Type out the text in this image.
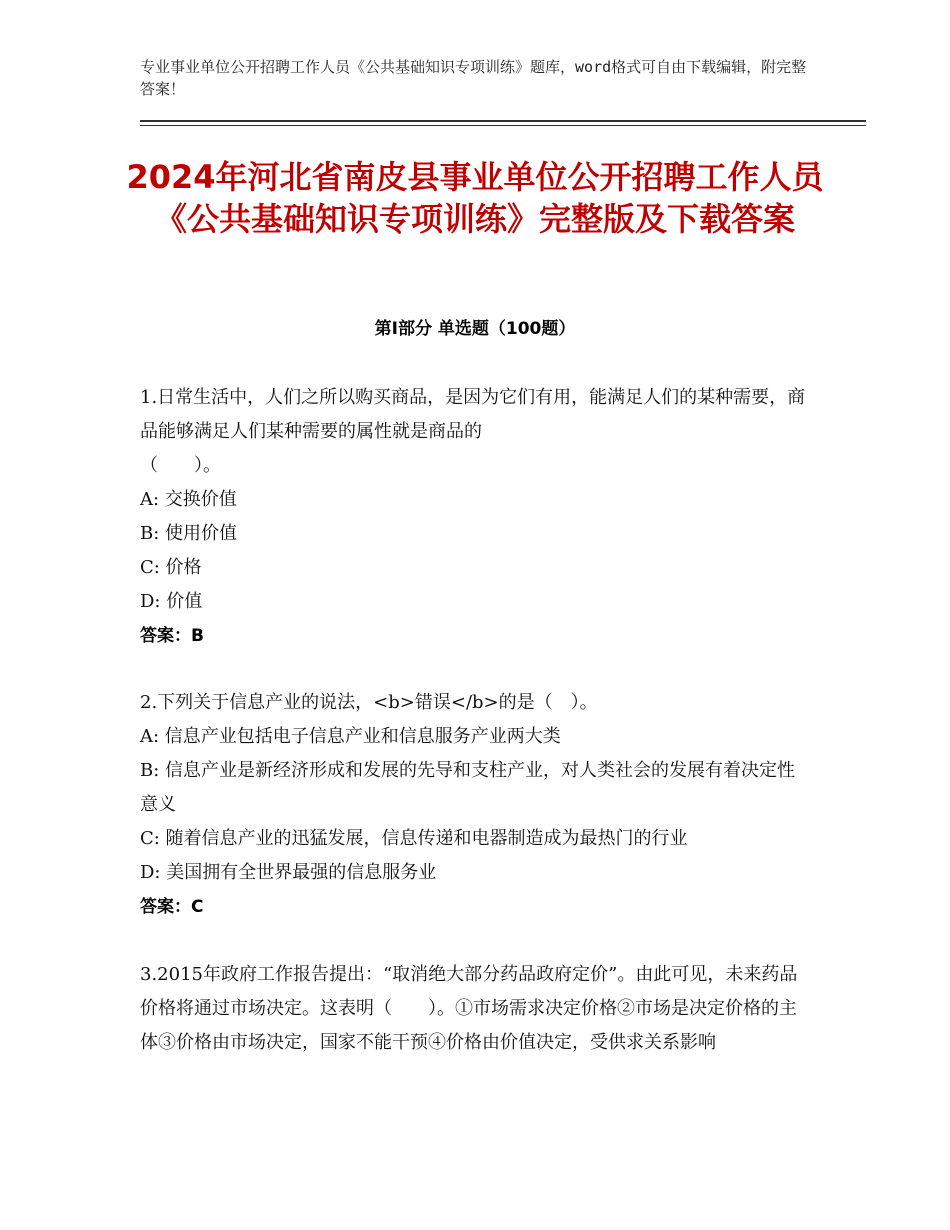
专业事业单位公开招聘工作人员《公共基础知识专项训练》题库，word格式可自由下载编辑，附完整答案！
2024年河北省南皮县事业单位公开招聘工作人员《公共基础知识专项训练》完整版及下载答案
第Ⅰ部分 单选题（100题）

1.日常生活中，人们之所以购买商品，是因为它们有用，能满足人们的某种需要，商品能够满足人们某种需要的属性就是商品的

（　　）。

A: 交换价值

B: 使用价值

C: 价格

D: 价值

答案：B

2.下列关于信息产业的说法，<b>错误</b>的是（　）。

A: 信息产业包括电子信息产业和信息服务产业两大类

B: 信息产业是新经济形成和发展的先导和支柱产业，对人类社会的发展有着决定性意义

C: 随着信息产业的迅猛发展，信息传递和电器制造成为最热门的行业

D: 美国拥有全世界最强的信息服务业

答案：C

3.2015年政府工作报告提出：“取消绝大部分药品政府定价”。由此可见，未来药品价格将通过市场决定。这表明（　　）。①市场需求决定价格②市场是决定价格的主体③价格由市场决定，国家不能干预④价格由价值决定，受供求关系影响
